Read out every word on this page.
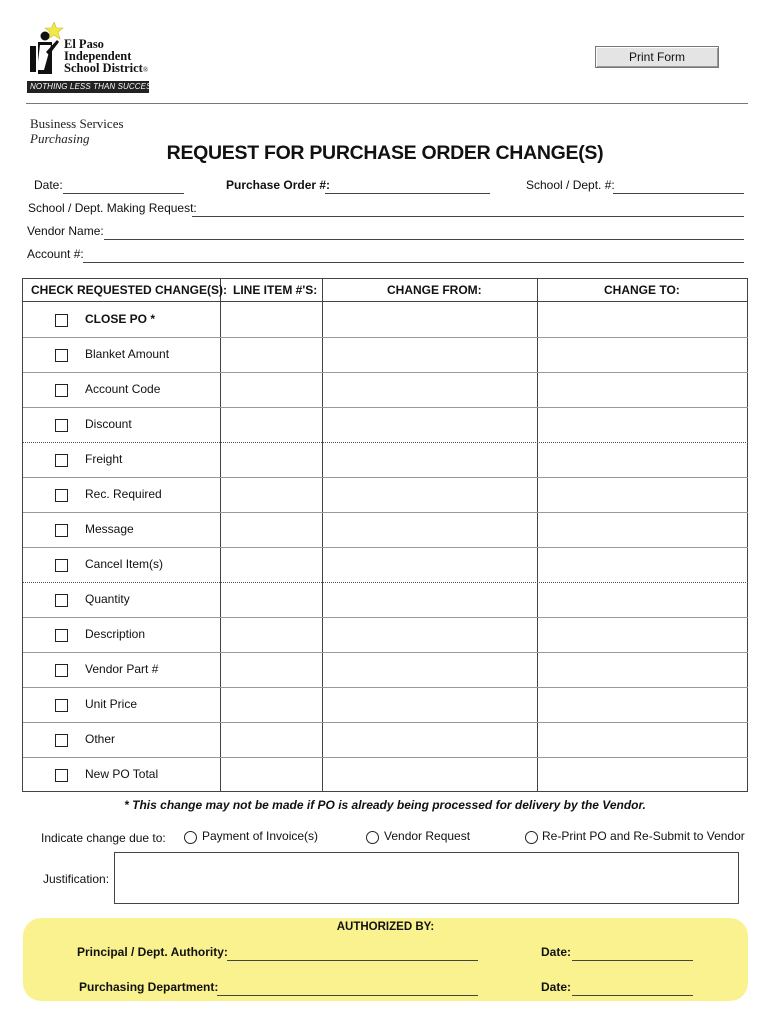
El Paso
Independent
School District®
NOTHING LESS THAN SUCCESS!
Print Form
Business Services
Purchasing
REQUEST FOR PURCHASE ORDER CHANGE(S)
Date:	Purchase Order #:	School / Dept. #:
School / Dept. Making Request:
Vendor Name:
Account #:
CHECK REQUESTED CHANGE(S): LINE ITEM #'S:	CHANGE FROM:	CHANGE TO:
CLOSE PO *
Blanket Amount
Account Code
Discount
Freight
Rec. Required
Message
Cancel Item(s)
Quantity
Description
Vendor Part #
Unit Price
Other
New PO Total
* This change may not be made if PO is already being processed for delivery by the Vendor.
Indicate change due to:	Payment of Invoice(s)	Vendor Request	Re-Print PO and Re-Submit to Vendor
Justification:
AUTHORIZED BY:
Principal / Dept. Authority:	Date:
Purchasing Department:	Date:
